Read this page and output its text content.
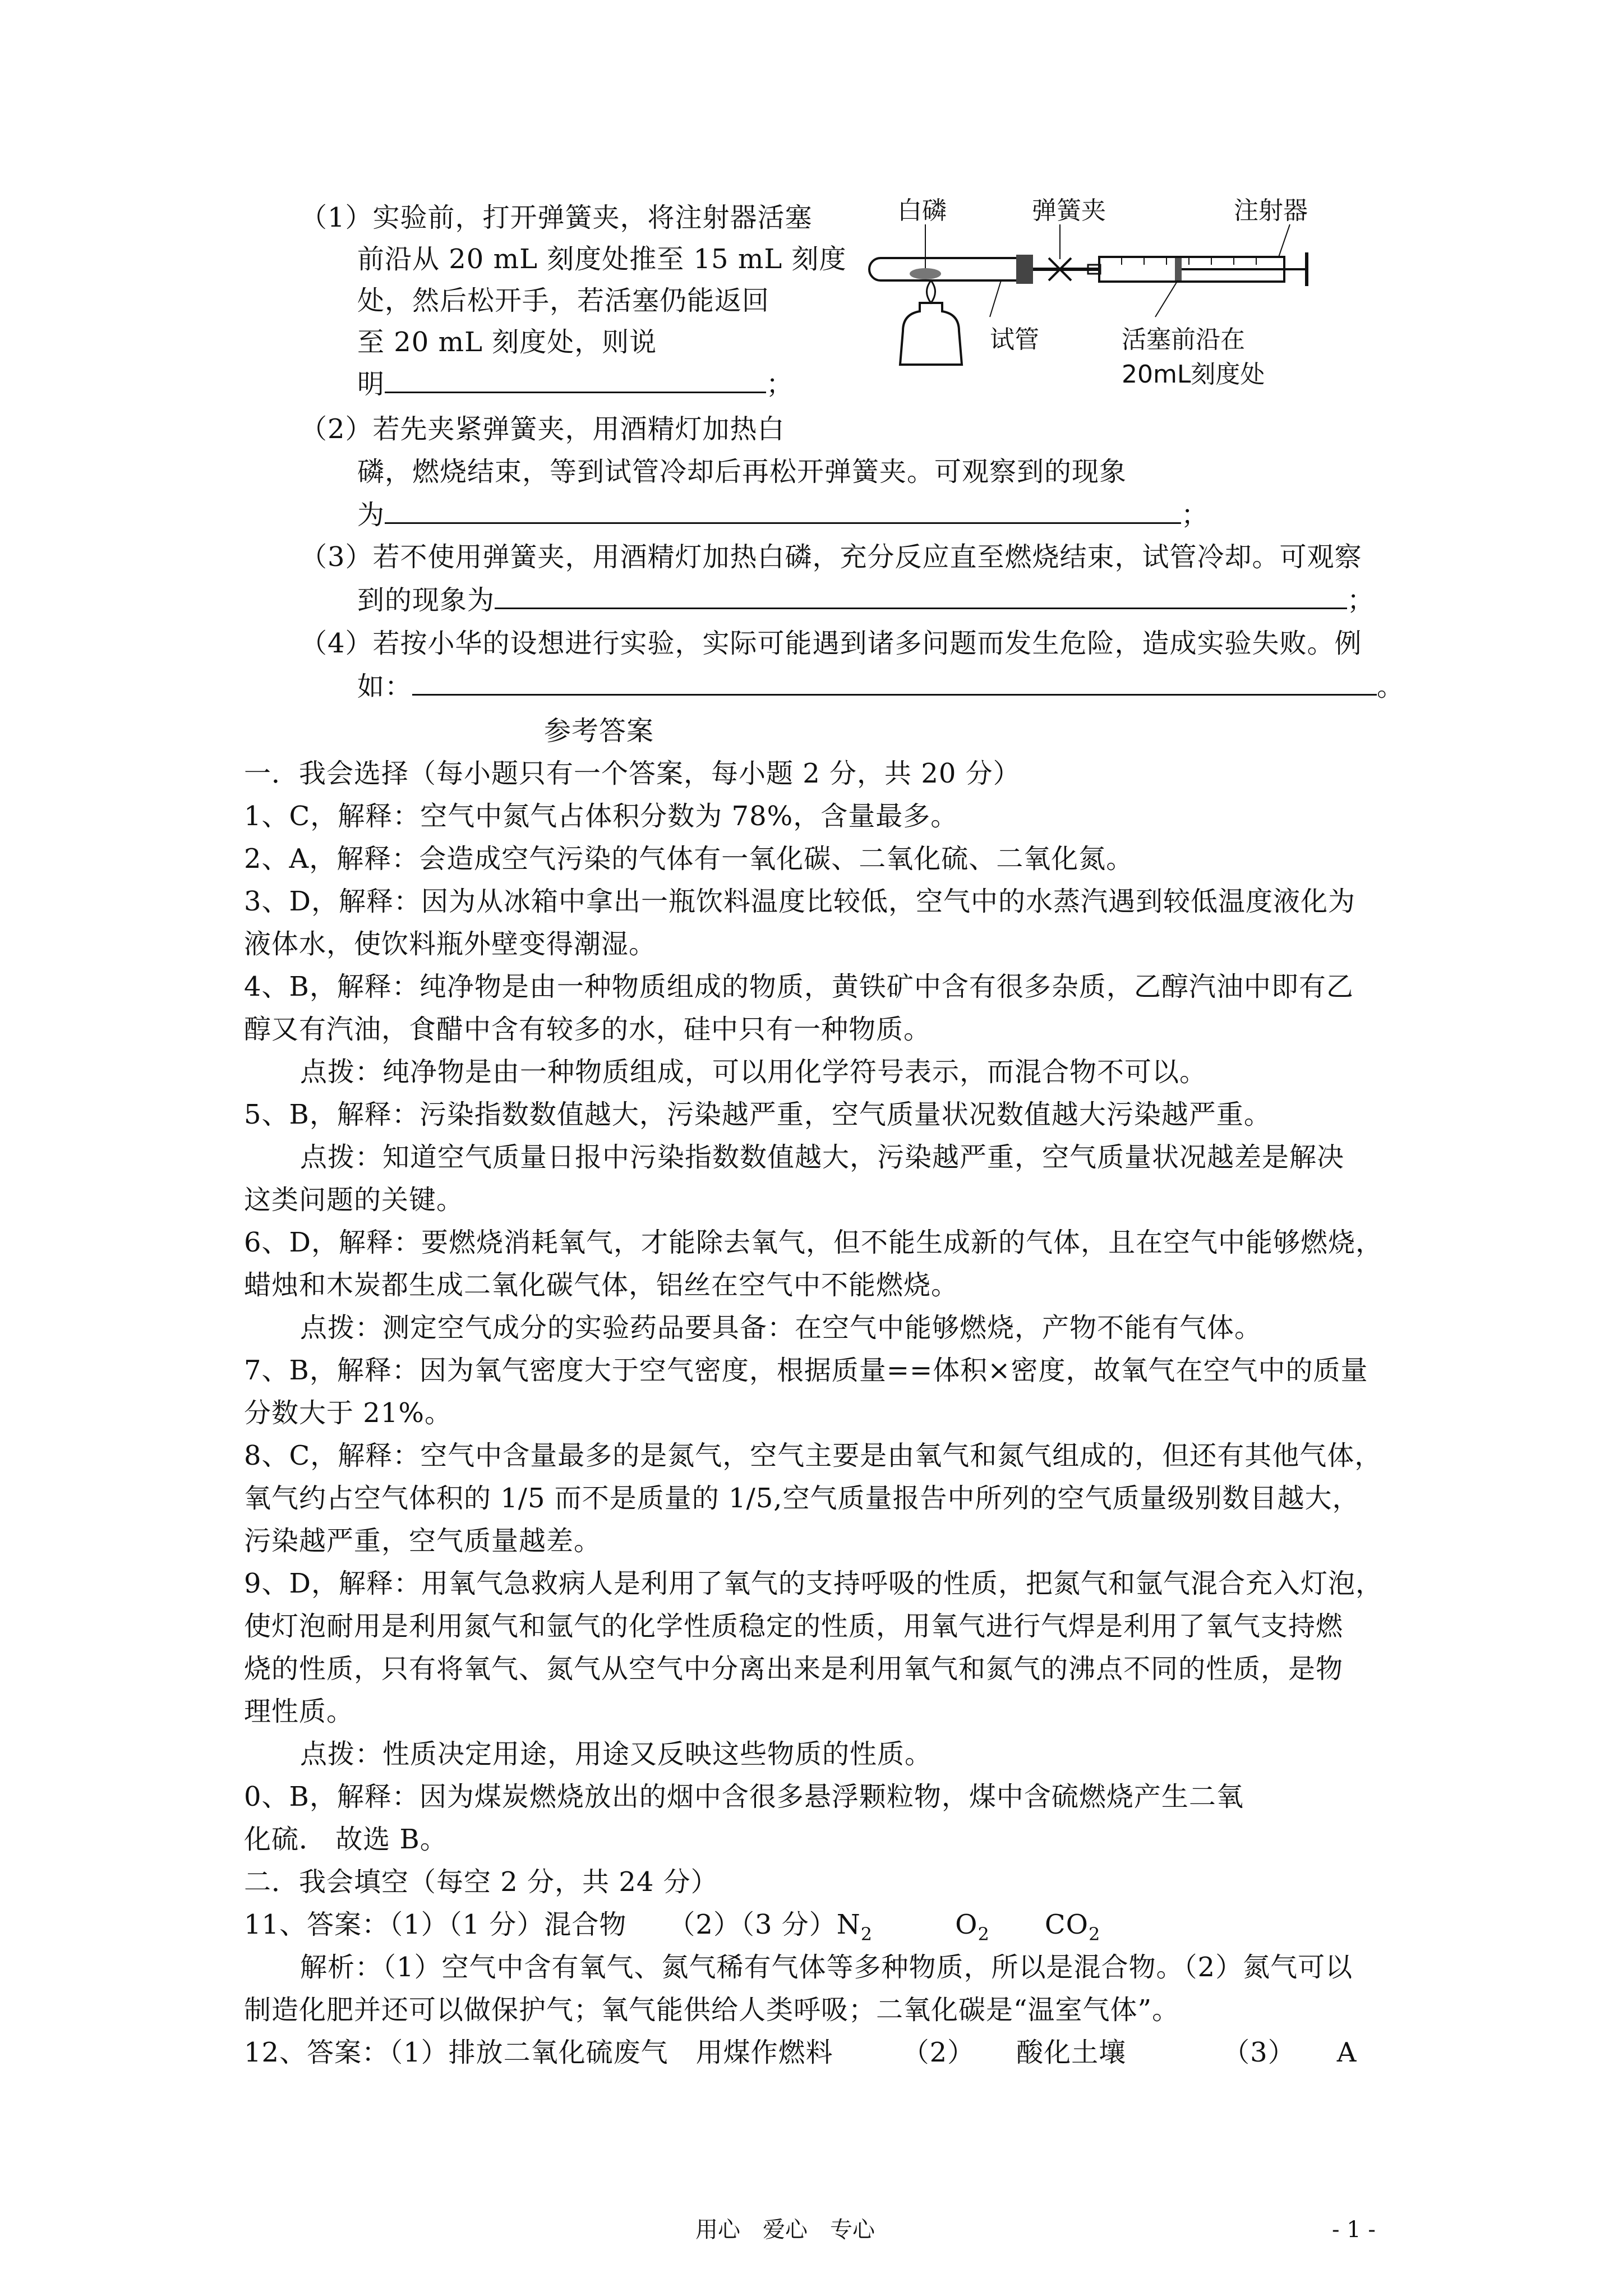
（1）实验前，打开弹簧夹，将注射器活塞
前沿从 20 mL 刻度处推至 15 mL 刻度
处，然后松开手，若活塞仍能返回
至 20 mL 刻度处，则说
明	；
白磷	弹簧夹	注射器
试管	活塞前沿在
20mL刻度处
（2）若先夹紧弹簧夹，用酒精灯加热白
磷，燃烧结束，等到试管冷却后再松开弹簧夹。可观察到的现象
为	；
（3）若不使用弹簧夹，用酒精灯加热白磷，充分反应直至燃烧结束，试管冷却。可观察
到的现象为	；
（4）若按小华的设想进行实验，实际可能遇到诸多问题而发生危险，造成实验失败。例
如：	。
参考答案
一．我会选择（每小题只有一个答案，每小题 2 分，共 20 分）
1、C，解释：空气中氮气占体积分数为 78%，含量最多。
2、A，解释：会造成空气污染的气体有一氧化碳、二氧化硫、二氧化氮。
3、D，解释：因为从冰箱中拿出一瓶饮料温度比较低，空气中的水蒸汽遇到较低温度液化为
液体水，使饮料瓶外壁变得潮湿。
4、B，解释：纯净物是由一种物质组成的物质，黄铁矿中含有很多杂质，乙醇汽油中即有乙
醇又有汽油，食醋中含有较多的水，硅中只有一种物质。
点拨：纯净物是由一种物质组成，可以用化学符号表示，而混合物不可以。
5、B，解释：污染指数数值越大，污染越严重，空气质量状况数值越大污染越严重。
点拨：知道空气质量日报中污染指数数值越大，污染越严重，空气质量状况越差是解决
这类问题的关键。
6、D，解释：要燃烧消耗氧气，才能除去氧气，但不能生成新的气体，且在空气中能够燃烧，
蜡烛和木炭都生成二氧化碳气体，铝丝在空气中不能燃烧。
点拨：测定空气成分的实验药品要具备：在空气中能够燃烧，产物不能有气体。
7、B，解释：因为氧气密度大于空气密度，根据质量==体积×密度，故氧气在空气中的质量
分数大于 21%。
8、C，解释：空气中含量最多的是氮气，空气主要是由氧气和氮气组成的，但还有其他气体，
氧气约占空气体积的 1/5 而不是质量的 1/5,空气质量报告中所列的空气质量级别数目越大，
污染越严重，空气质量越差。
9、D，解释：用氧气急救病人是利用了氧气的支持呼吸的性质，把氮气和氩气混合充入灯泡，
使灯泡耐用是利用氮气和氩气的化学性质稳定的性质，用氧气进行气焊是利用了氧气支持燃
烧的性质，只有将氧气、氮气从空气中分离出来是利用氧气和氮气的沸点不同的性质，是物
理性质。
点拨：性质决定用途，用途又反映这些物质的性质。
0、B，解释：因为煤炭燃烧放出的烟中含很多悬浮颗粒物，煤中含硫燃烧产生二氧
化硫． 故选 B。
二．我会填空（每空 2 分，共 24 分）
11、答案：（1）（1 分）混合物　　（2）（3 分）$N_2$　　　	$O_2$　　 $CO_2$
解析：（1）空气中含有氧气、氮气稀有气体等多种物质，所以是混合物。（2）氮气可以
制造化肥并还可以做保护气；氧气能供给人类呼吸；二氧化碳是“温室气体”。
12、答案：（1）排放二氧化硫废气　用煤作燃料　　　（2）　　酸化土壤　　　　（3）　　A
用心　爱心　专心	- 1 -
